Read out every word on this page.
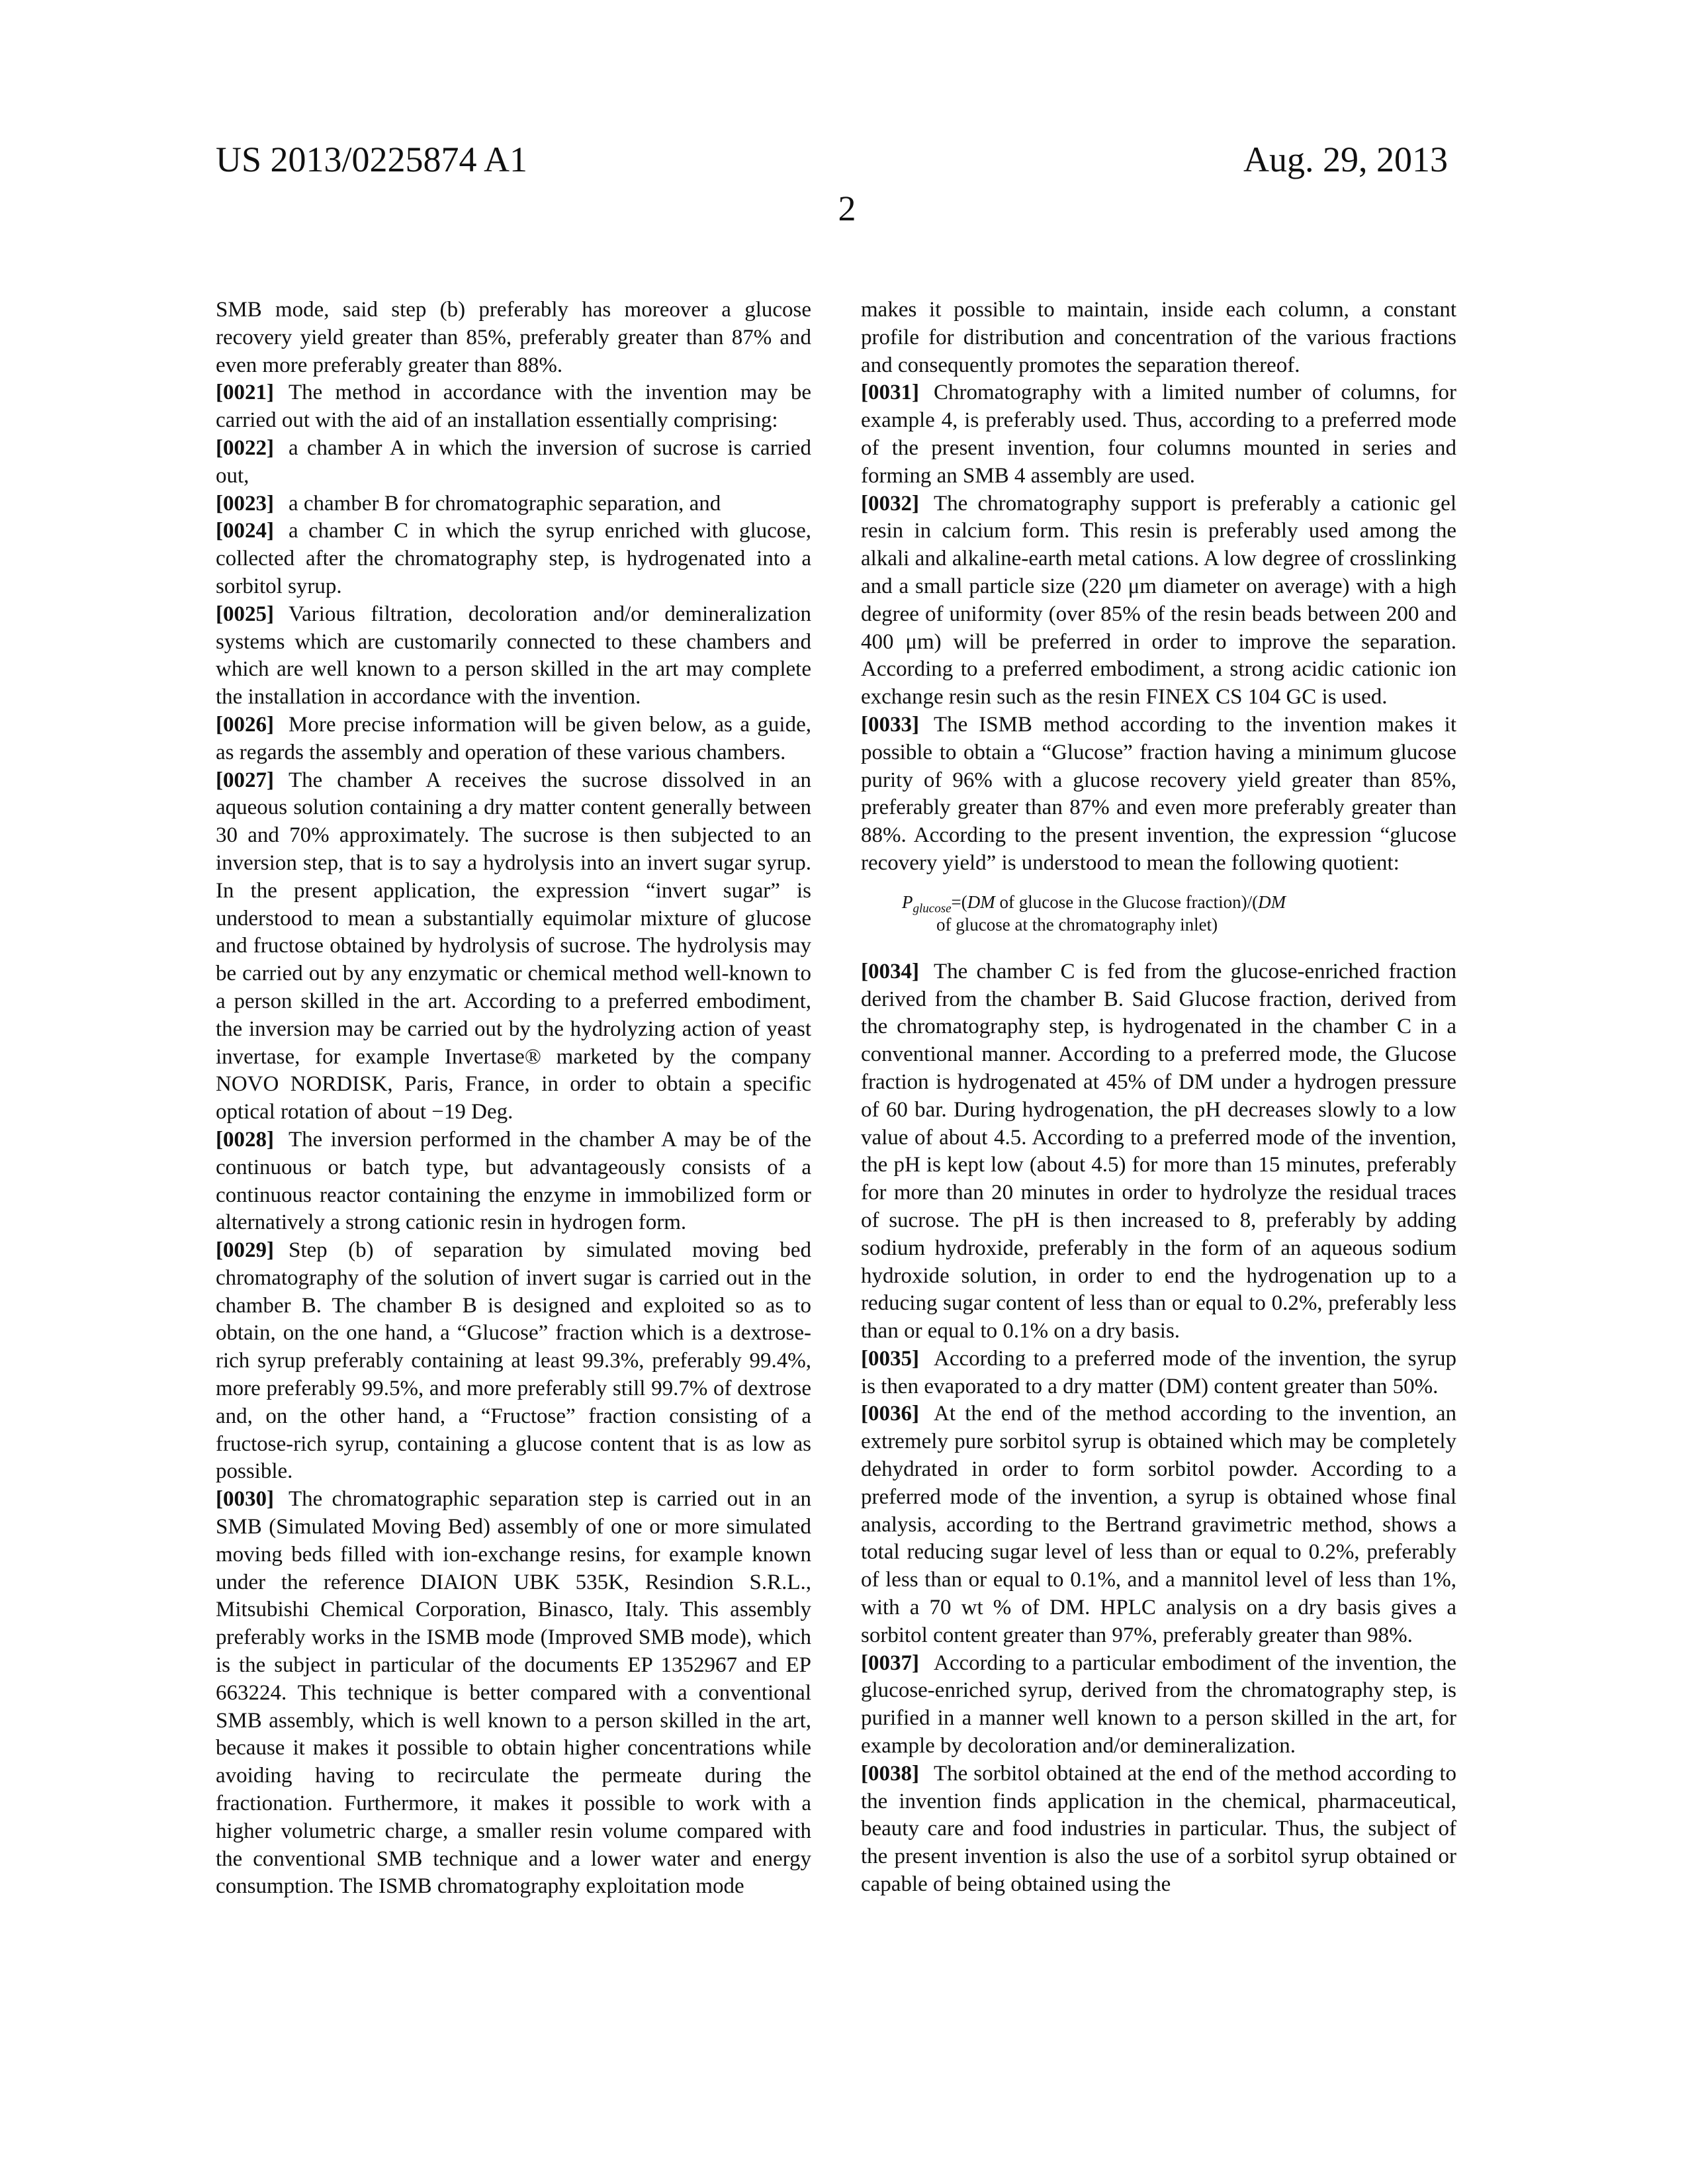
US 2013/0225874 A1	Aug. 29, 2013
2

SMB mode, said step (b) preferably has moreover a glucose recovery yield greater than 85%, preferably greater than 87% and even more preferably greater than 88%.

[0021] The method in accordance with the invention may be carried out with the aid of an installation essentially comprising:

[0022] a chamber A in which the inversion of sucrose is carried out,

[0023] a chamber B for chromatographic separation, and

[0024] a chamber C in which the syrup enriched with glucose, collected after the chromatography step, is hydrogenated into a sorbitol syrup.

[0025] Various filtration, decoloration and/or demineralization systems which are customarily connected to these chambers and which are well known to a person skilled in the art may complete the installation in accordance with the invention.

[0026] More precise information will be given below, as a guide, as regards the assembly and operation of these various chambers.

[0027] The chamber A receives the sucrose dissolved in an aqueous solution containing a dry matter content generally between 30 and 70% approximately. The sucrose is then subjected to an inversion step, that is to say a hydrolysis into an invert sugar syrup. In the present application, the expression “invert sugar” is understood to mean a substantially equimolar mixture of glucose and fructose obtained by hydrolysis of sucrose. The hydrolysis may be carried out by any enzymatic or chemical method well-known to a person skilled in the art. According to a preferred embodiment, the inversion may be carried out by the hydrolyzing action of yeast invertase, for example Invertase® marketed by the company NOVO NORDISK, Paris, France, in order to obtain a specific optical rotation of about −19 Deg.

[0028] The inversion performed in the chamber A may be of the continuous or batch type, but advantageously consists of a continuous reactor containing the enzyme in immobilized form or alternatively a strong cationic resin in hydrogen form.

[0029] Step (b) of separation by simulated moving bed chromatography of the solution of invert sugar is carried out in the chamber B. The chamber B is designed and exploited so as to obtain, on the one hand, a “Glucose” fraction which is a dextrose-rich syrup preferably containing at least 99.3%, preferably 99.4%, more preferably 99.5%, and more preferably still 99.7% of dextrose and, on the other hand, a “Fructose” fraction consisting of a fructose-rich syrup, containing a glucose content that is as low as possible.

[0030] The chromatographic separation step is carried out in an SMB (Simulated Moving Bed) assembly of one or more simulated moving beds filled with ion-exchange resins, for example known under the reference DIAION UBK 535K, Resindion S.R.L., Mitsubishi Chemical Corporation, Binasco, Italy. This assembly preferably works in the ISMB mode (Improved SMB mode), which is the subject in particular of the documents EP 1352967 and EP 663224. This technique is better compared with a conventional SMB assembly, which is well known to a person skilled in the art, because it makes it possible to obtain higher concentrations while avoiding having to recirculate the permeate during the fractionation. Furthermore, it makes it possible to work with a higher volumetric charge, a smaller resin volume compared with the conventional SMB technique and a lower water and energy consumption. The ISMB chromatography exploitation mode

makes it possible to maintain, inside each column, a constant profile for distribution and concentration of the various fractions and consequently promotes the separation thereof.

[0031] Chromatography with a limited number of columns, for example 4, is preferably used. Thus, according to a preferred mode of the present invention, four columns mounted in series and forming an SMB 4 assembly are used.

[0032] The chromatography support is preferably a cationic gel resin in calcium form. This resin is preferably used among the alkali and alkaline-earth metal cations. A low degree of crosslinking and a small particle size (220 μm diameter on average) with a high degree of uniformity (over 85% of the resin beads between 200 and 400 μm) will be preferred in order to improve the separation. According to a preferred embodiment, a strong acidic cationic ion exchange resin such as the resin FINEX CS 104 GC is used.

[0033] The ISMB method according to the invention makes it possible to obtain a “Glucose” fraction having a minimum glucose purity of 96% with a glucose recovery yield greater than 85%, preferably greater than 87% and even more preferably greater than 88%. According to the present invention, the expression “glucose recovery yield” is understood to mean the following quotient:

$P_{glucose}=(DM$ of glucose in the Glucose fraction)/(DM
of glucose at the chromatography inlet)

[0034] The chamber C is fed from the glucose-enriched fraction derived from the chamber B. Said Glucose fraction, derived from the chromatography step, is hydrogenated in the chamber C in a conventional manner. According to a preferred mode, the Glucose fraction is hydrogenated at 45% of DM under a hydrogen pressure of 60 bar. During hydrogenation, the pH decreases slowly to a low value of about 4.5. According to a preferred mode of the invention, the pH is kept low (about 4.5) for more than 15 minutes, preferably for more than 20 minutes in order to hydrolyze the residual traces of sucrose. The pH is then increased to 8, preferably by adding sodium hydroxide, preferably in the form of an aqueous sodium hydroxide solution, in order to end the hydrogenation up to a reducing sugar content of less than or equal to 0.2%, preferably less than or equal to 0.1% on a dry basis.

[0035] According to a preferred mode of the invention, the syrup is then evaporated to a dry matter (DM) content greater than 50%.

[0036] At the end of the method according to the invention, an extremely pure sorbitol syrup is obtained which may be completely dehydrated in order to form sorbitol powder. According to a preferred mode of the invention, a syrup is obtained whose final analysis, according to the Bertrand gravimetric method, shows a total reducing sugar level of less than or equal to 0.2%, preferably of less than or equal to 0.1%, and a mannitol level of less than 1%, with a 70 wt % of DM. HPLC analysis on a dry basis gives a sorbitol content greater than 97%, preferably greater than 98%.

[0037] According to a particular embodiment of the invention, the glucose-enriched syrup, derived from the chromatography step, is purified in a manner well known to a person skilled in the art, for example by decoloration and/or demineralization.

[0038] The sorbitol obtained at the end of the method according to the invention finds application in the chemical, pharmaceutical, beauty care and food industries in particular. Thus, the subject of the present invention is also the use of a sorbitol syrup obtained or capable of being obtained using the
